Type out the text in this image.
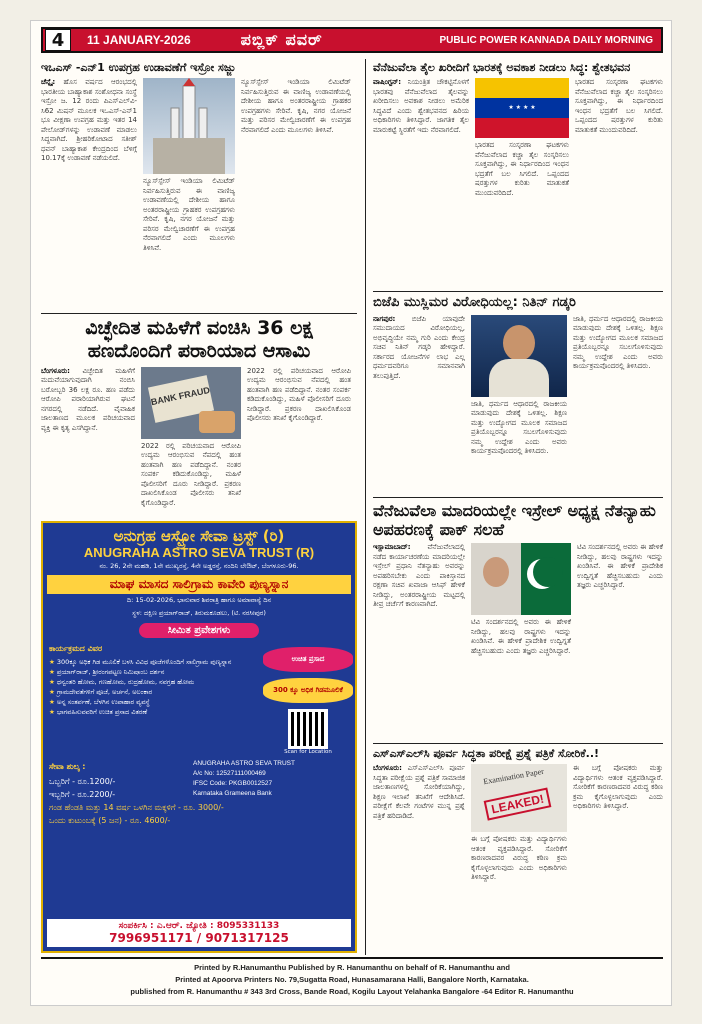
4	11 JANUARY-2026	ಪಬ್ಲಿಕ್ ಪವರ್	PUBLIC POWER KANNADA DAILY MORNING
ಇಒಎಸ್ -ಎನ್1 ಉಪಗ್ರಹ ಉಡಾವಣೆಗೆ ಇಸ್ರೋ ಸಜ್ಜು
ಚೆನ್ನೈ: ಹೊಸ ವರ್ಷದ ಆರಂಭದಲ್ಲಿ ಭಾರತೀಯ ಬಾಹ್ಯಾಕಾಶ ಸಂಶೋಧನಾ ಸಂಸ್ಥೆ ಇಸ್ರೋ ಜ. 12 ರಂದು ಪಿಎಸ್‌ಎಲ್‌ವಿ-ಸಿ62 ಮಿಷನ್ ಮೂಲಕ ಇಒಎಸ್-ಎನ್1 ಭೂ ವೀಕ್ಷಣಾ ಉಪಗ್ರಹ ಮತ್ತು ಇತರ 14 ಪೇಲೋಡ್‌ಗಳನ್ನು ಉಡಾವಣೆ ಮಾಡಲು ಸಿದ್ಧವಾಗಿದೆ. ಶ್ರೀಹರಿಕೋಟಾದ ಸತೀಶ್ ಧವನ್ ಬಾಹ್ಯಾಕಾಶ ಕೇಂದ್ರದಿಂದ ಬೆಳಿಗ್ಗೆ 10.17ಕ್ಕೆ ಉಡಾವಣೆ ನಡೆಯಲಿದೆ.
ನ್ಯೂಸ್‌ಸ್ಪೇಸ್ ಇಂಡಿಯಾ ಲಿಮಿಟೆಡ್ ನಿರ್ವಹಿಸುತ್ತಿರುವ ಈ ವಾಣಿಜ್ಯ ಉಡಾವಣೆಯಲ್ಲಿ ದೇಶೀಯ ಹಾಗೂ ಅಂತರರಾಷ್ಟ್ರೀಯ ಗ್ರಾಹಕರ ಉಪಗ್ರಹಗಳು ಸೇರಿವೆ. ಕೃಷಿ, ನಗರ ಯೋಜನೆ ಮತ್ತು ಪರಿಸರ ಮೇಲ್ವಿಚಾರಣೆಗೆ ಈ ಉಪಗ್ರಹ ನೆರವಾಗಲಿದೆ ಎಂದು ಮೂಲಗಳು ತಿಳಿಸಿವೆ.
ನ್ಯೂಸ್‌ಸ್ಪೇಸ್ ಇಂಡಿಯಾ ಲಿಮಿಟೆಡ್ ನಿರ್ವಹಿಸುತ್ತಿರುವ ಈ ವಾಣಿಜ್ಯ ಉಡಾವಣೆಯಲ್ಲಿ ದೇಶೀಯ ಹಾಗೂ ಅಂತರರಾಷ್ಟ್ರೀಯ ಗ್ರಾಹಕರ ಉಪಗ್ರಹಗಳು ಸೇರಿವೆ. ಕೃಷಿ, ನಗರ ಯೋಜನೆ ಮತ್ತು ಪರಿಸರ ಮೇಲ್ವಿಚಾರಣೆಗೆ ಈ ಉಪಗ್ರಹ ನೆರವಾಗಲಿದೆ ಎಂದು ಮೂಲಗಳು ತಿಳಿಸಿವೆ.
ವಿಚ್ಛೇದಿತ ಮಹಿಳೆಗೆ ವಂಚಿಸಿ 36 ಲಕ್ಷ ಹಣದೊಂದಿಗೆ ಪರಾರಿಯಾದ ಆಸಾಮಿ
ಬೆಂಗಳೂರು: ವಿಚ್ಛೇದಿತ ಮಹಿಳೆಗೆ ಮದುವೆಯಾಗುವುದಾಗಿ ನಂಬಿಸಿ ಬರೋಬ್ಬರಿ 36 ಲಕ್ಷ ರೂ. ಹಣ ಪಡೆದು ಆರೋಪಿ ಪರಾರಿಯಾಗಿರುವ ಘಟನೆ ನಗರದಲ್ಲಿ ನಡೆದಿದೆ. ವೈವಾಹಿಕ ಜಾಲತಾಣದ ಮೂಲಕ ಪರಿಚಯವಾದ ವ್ಯಕ್ತಿ ಈ ಕೃತ್ಯ ಎಸಗಿದ್ದಾನೆ.
BANK FRAUD
2022 ರಲ್ಲಿ ಪರಿಚಯವಾದ ಆರೋಪಿ ಉದ್ಯಮ ಆರಂಭಿಸುವ ನೆಪದಲ್ಲಿ ಹಂತ ಹಂತವಾಗಿ ಹಣ ಪಡೆದಿದ್ದಾನೆ. ನಂತರ ಸಂಪರ್ಕ ಕಡಿದುಕೊಂಡಿದ್ದು, ಮಹಿಳೆ ಪೊಲೀಸರಿಗೆ ದೂರು ನೀಡಿದ್ದಾರೆ. ಪ್ರಕರಣ ದಾಖಲಿಸಿಕೊಂಡ ಪೊಲೀಸರು ತನಿಖೆ ಕೈಗೊಂಡಿದ್ದಾರೆ.
2022 ರಲ್ಲಿ ಪರಿಚಯವಾದ ಆರೋಪಿ ಉದ್ಯಮ ಆರಂಭಿಸುವ ನೆಪದಲ್ಲಿ ಹಂತ ಹಂತವಾಗಿ ಹಣ ಪಡೆದಿದ್ದಾನೆ. ನಂತರ ಸಂಪರ್ಕ ಕಡಿದುಕೊಂಡಿದ್ದು, ಮಹಿಳೆ ಪೊಲೀಸರಿಗೆ ದೂರು ನೀಡಿದ್ದಾರೆ. ಪ್ರಕರಣ ದಾಖಲಿಸಿಕೊಂಡ ಪೊಲೀಸರು ತನಿಖೆ ಕೈಗೊಂಡಿದ್ದಾರೆ.
ಅನುಗ್ರಹ ಆಸ್ಟ್ರೋ ಸೇವಾ ಟ್ರಸ್ಟ್ (ರಿ)
ANUGRAHA ASTRO SEVA TRUST (R)
ನಂ. 26, 2ನೇ ಮಹಡಿ, 1ನೇ ಮುಖ್ಯರಸ್ತೆ, 4ನೇ ಅಡ್ಡರಸ್ತೆ, ನಂದಿನಿ ಲೇಔಟ್, ಬೆಂಗಳೂರು-96.
ಮಾಘ ಮಾಸದ ಸಾಲಿಗ್ರಾಮ ಕಾವೇರಿ ಪುಣ್ಯಸ್ನಾನ
ದಿ: 15-02-2026, ಭಾನುವಾರ ಶಿವರಾತ್ರಿ ಹಾಗೂ ಅಮಾವಾಸ್ಯೆ ದಿನ
ಸ್ಥಳ: ದಕ್ಷಿಣ ಪ್ರಯಾಗ್‌ರಾಜ್, ತಿರುಮಕೂಡಲು, (ಟಿ. ನರಸೀಪುರ)
ಸೀಮಿತ ಪ್ರವೇಶಗಳು
ಕಾರ್ಯಕ್ರಮದ ವಿವರ
★ 300ಕ್ಕೂ ಅಧಿಕ ಗಿಡ ಮೂಲಿಕೆ ಬಳಸಿ ವಿವಿಧ ಪೂಜೆಗಳೊಂದಿಗೆ ಸಾಲಿಗ್ರಾಮ ಪುಣ್ಯಸ್ನಾನ
★ ಪ್ರಯಾಗ್‌ರಾಜ್, ಶ್ರೀರಂಗಪಟ್ಟಣ ನಿಮಿಷಾಂಬ ದರ್ಶನ
★ ಧನ್ವಂತರಿ ಹೋಮ, ಗಣಹೋಮ, ರುದ್ರಹೋಮ, ನವಗ್ರಹ ಹೋಮ
★ ಗ್ರಾಮದೇವತೆಗಳಿಗೆ ಪೂಜೆ, ಅರ್ಚನೆ, ಅಲಂಕಾರ
★ ಅನ್ನ ಸಂತರ್ಪಣೆ, ಬೆಳಗಿನ ಉಪಾಹಾರ ವ್ಯವಸ್ಥೆ
★ ಭಾಗವಹಿಸುವವರಿಗೆ ಉಚಿತ ಪ್ರಸಾದ ವಿತರಣೆ
ಉಚಿತ ಪ್ರಸಾದ
300 ಕ್ಕೂ ಅಧಿಕ ಗಿಡಮೂಲಿಕೆ
Scan for Location
ಸೇವಾ ಶುಲ್ಕ :
ಒಬ್ಬರಿಗೆ - ರೂ.1200/-
ಇಬ್ಬರಿಗೆ - ರೂ.2200/-
ANUGRAHA ASTRO SEVA TRUST
A/c No: 12527111000469
IFSC Code: PKGB0012527
Karnataka Grameena Bank
ಗಂಡ ಹೆಂಡತಿ ಮತ್ತು 14 ವರ್ಷ ಒಳಗಿನ ಮಕ್ಕಳಿಗೆ - ರೂ. 3000/-
ಒಂದು ಕುಟುಂಬಕ್ಕೆ (5 ಜನ) - ರೂ. 4600/-
ಸಂಪರ್ಕಿಸಿ : ಎ.ಆರ್. ಜ್ಯೋತಿ : 8095331133
7996951171 / 9071317125
ವೆನೆಜುವೆಲಾ ತೈಲ ಖರೀದಿಗೆ ಭಾರತಕ್ಕೆ ಅವಕಾಶ ನೀಡಲು ಸಿದ್ಧ: ಶ್ವೇತಭವನ
ವಾಷಿಂಗ್ಟನ್: ನಿಯಂತ್ರಿತ ಚೌಕಟ್ಟಿನೊಳಗೆ ಭಾರತವು ವೆನೆಜುವೆಲಾದ ತೈಲವನ್ನು ಖರೀದಿಸಲು ಅವಕಾಶ ನೀಡಲು ಅಮೆರಿಕ ಸಿದ್ಧವಿದೆ ಎಂದು ಶ್ವೇತಭವನದ ಹಿರಿಯ ಅಧಿಕಾರಿಗಳು ತಿಳಿಸಿದ್ದಾರೆ. ಜಾಗತಿಕ ತೈಲ ಮಾರುಕಟ್ಟೆ ಸ್ಥಿರತೆಗೆ ಇದು ನೆರವಾಗಲಿದೆ.
★ ★ ★ ★
ಭಾರತದ ಸಂಸ್ಕರಣಾ ಘಟಕಗಳು ವೆನೆಜುವೆಲಾದ ಕಚ್ಚಾ ತೈಲ ಸಂಸ್ಕರಿಸಲು ಸೂಕ್ತವಾಗಿದ್ದು, ಈ ನಿರ್ಧಾರದಿಂದ ಇಂಧನ ಭದ್ರತೆಗೆ ಬಲ ಸಿಗಲಿದೆ. ಒಪ್ಪಂದದ ಷರತ್ತುಗಳ ಕುರಿತು ಮಾತುಕತೆ ಮುಂದುವರಿದಿದೆ.
ಭಾರತದ ಸಂಸ್ಕರಣಾ ಘಟಕಗಳು ವೆನೆಜುವೆಲಾದ ಕಚ್ಚಾ ತೈಲ ಸಂಸ್ಕರಿಸಲು ಸೂಕ್ತವಾಗಿದ್ದು, ಈ ನಿರ್ಧಾರದಿಂದ ಇಂಧನ ಭದ್ರತೆಗೆ ಬಲ ಸಿಗಲಿದೆ. ಒಪ್ಪಂದದ ಷರತ್ತುಗಳ ಕುರಿತು ಮಾತುಕತೆ ಮುಂದುವರಿದಿದೆ.
ಬಿಜೆಪಿ ಮುಸ್ಲಿಮರ ವಿರೋಧಿಯಲ್ಲ: ನಿತಿನ್ ಗಡ್ಕರಿ
ನಾಗಪುರ: ಬಿಜೆಪಿ ಯಾವುದೇ ಸಮುದಾಯದ ವಿರೋಧಿಯಲ್ಲ, ಅಭಿವೃದ್ಧಿಯೇ ನಮ್ಮ ಗುರಿ ಎಂದು ಕೇಂದ್ರ ಸಚಿವ ನಿತಿನ್ ಗಡ್ಕರಿ ಹೇಳಿದ್ದಾರೆ. ಸರ್ಕಾರದ ಯೋಜನೆಗಳ ಲಾಭ ಎಲ್ಲ ಧರ್ಮದವರಿಗೂ ಸಮಾನವಾಗಿ ತಲುಪುತ್ತಿದೆ.
ಜಾತಿ, ಧರ್ಮದ ಆಧಾರದಲ್ಲಿ ರಾಜಕೀಯ ಮಾಡುವುದು ದೇಶಕ್ಕೆ ಒಳಿತಲ್ಲ. ಶಿಕ್ಷಣ ಮತ್ತು ಉದ್ಯೋಗದ ಮೂಲಕ ಸಮಾಜದ ಪ್ರತಿಯೊಬ್ಬರನ್ನೂ ಸಬಲಗೊಳಿಸುವುದು ನಮ್ಮ ಉದ್ದೇಶ ಎಂದು ಅವರು ಕಾರ್ಯಕ್ರಮವೊಂದರಲ್ಲಿ ತಿಳಿಸಿದರು.
ಜಾತಿ, ಧರ್ಮದ ಆಧಾರದಲ್ಲಿ ರಾಜಕೀಯ ಮಾಡುವುದು ದೇಶಕ್ಕೆ ಒಳಿತಲ್ಲ. ಶಿಕ್ಷಣ ಮತ್ತು ಉದ್ಯೋಗದ ಮೂಲಕ ಸಮಾಜದ ಪ್ರತಿಯೊಬ್ಬರನ್ನೂ ಸಬಲಗೊಳಿಸುವುದು ನಮ್ಮ ಉದ್ದೇಶ ಎಂದು ಅವರು ಕಾರ್ಯಕ್ರಮವೊಂದರಲ್ಲಿ ತಿಳಿಸಿದರು.
ವೆನೆಜುವೆಲಾ ಮಾದರಿಯಲ್ಲೇ ಇಸ್ರೇಲ್ ಅಧ್ಯಕ್ಷ ನೆತನ್ಯಾಹು ಅಪಹರಣಕ್ಕೆ ಪಾಕ್ ಸಲಹೆ
ಇಸ್ಲಾಮಾಬಾದ್: ವೆನೆಜುವೆಲಾದಲ್ಲಿ ನಡೆದ ಕಾರ್ಯಾಚರಣೆಯ ಮಾದರಿಯಲ್ಲೇ ಇಸ್ರೇಲ್ ಪ್ರಧಾನಿ ನೆತನ್ಯಾಹು ಅವರನ್ನು ಅಪಹರಿಸಬೇಕು ಎಂದು ಪಾಕಿಸ್ತಾನದ ರಕ್ಷಣಾ ಸಚಿವ ಖವಾಜಾ ಆಸಿಫ್ ಹೇಳಿಕೆ ನೀಡಿದ್ದು, ಅಂತರರಾಷ್ಟ್ರೀಯ ಮಟ್ಟದಲ್ಲಿ ತೀವ್ರ ಚರ್ಚೆಗೆ ಕಾರಣವಾಗಿದೆ.
ಟಿವಿ ಸಂದರ್ಶನದಲ್ಲಿ ಅವರು ಈ ಹೇಳಿಕೆ ನೀಡಿದ್ದು, ಹಲವು ರಾಷ್ಟ್ರಗಳು ಇದನ್ನು ಖಂಡಿಸಿವೆ. ಈ ಹೇಳಿಕೆ ಪ್ರಾದೇಶಿಕ ಉದ್ವಿಗ್ನತೆ ಹೆಚ್ಚಿಸಬಹುದು ಎಂದು ತಜ್ಞರು ಎಚ್ಚರಿಸಿದ್ದಾರೆ.
ಟಿವಿ ಸಂದರ್ಶನದಲ್ಲಿ ಅವರು ಈ ಹೇಳಿಕೆ ನೀಡಿದ್ದು, ಹಲವು ರಾಷ್ಟ್ರಗಳು ಇದನ್ನು ಖಂಡಿಸಿವೆ. ಈ ಹೇಳಿಕೆ ಪ್ರಾದೇಶಿಕ ಉದ್ವಿಗ್ನತೆ ಹೆಚ್ಚಿಸಬಹುದು ಎಂದು ತಜ್ಞರು ಎಚ್ಚರಿಸಿದ್ದಾರೆ.
ಎಸ್‌ಎಸ್‌ಎಲ್‌ಸಿ ಪೂರ್ವ ಸಿದ್ಧತಾ ಪರೀಕ್ಷೆ ಪ್ರಶ್ನೆ ಪತ್ರಿಕೆ ಸೋರಿಕೆ..!
ಬೆಂಗಳೂರು: ಎಸ್‌ಎಸ್‌ಎಲ್‌ಸಿ ಪೂರ್ವ ಸಿದ್ಧತಾ ಪರೀಕ್ಷೆಯ ಪ್ರಶ್ನೆ ಪತ್ರಿಕೆ ಸಾಮಾಜಿಕ ಜಾಲತಾಣಗಳಲ್ಲಿ ಸೋರಿಕೆಯಾಗಿದ್ದು, ಶಿಕ್ಷಣ ಇಲಾಖೆ ತನಿಖೆಗೆ ಆದೇಶಿಸಿದೆ. ಪರೀಕ್ಷೆಗೆ ಕೆಲವೇ ಗಂಟೆಗಳ ಮುನ್ನ ಪ್ರಶ್ನೆ ಪತ್ರಿಕೆ ಹರಿದಾಡಿದೆ.
Examination Paper
LEAKED!
ಈ ಬಗ್ಗೆ ಪೋಷಕರು ಮತ್ತು ವಿದ್ಯಾರ್ಥಿಗಳು ಆತಂಕ ವ್ಯಕ್ತಪಡಿಸಿದ್ದಾರೆ. ಸೋರಿಕೆಗೆ ಕಾರಣರಾದವರ ವಿರುದ್ಧ ಕಠಿಣ ಕ್ರಮ ಕೈಗೊಳ್ಳಲಾಗುವುದು ಎಂದು ಅಧಿಕಾರಿಗಳು ತಿಳಿಸಿದ್ದಾರೆ.
ಈ ಬಗ್ಗೆ ಪೋಷಕರು ಮತ್ತು ವಿದ್ಯಾರ್ಥಿಗಳು ಆತಂಕ ವ್ಯಕ್ತಪಡಿಸಿದ್ದಾರೆ. ಸೋರಿಕೆಗೆ ಕಾರಣರಾದವರ ವಿರುದ್ಧ ಕಠಿಣ ಕ್ರಮ ಕೈಗೊಳ್ಳಲಾಗುವುದು ಎಂದು ಅಧಿಕಾರಿಗಳು ತಿಳಿಸಿದ್ದಾರೆ.
Printed by R.Hanumanthu Published by R. Hanumanthu on behalf of R. Hanumanthu and
Printed at Apoorva Printers No. 79,Sugatta Road, Hunasamarana Halli, Bangalore North, Karnataka.
published from R. Hanumanthu # 343 3rd Cross, Bande Road, Kogilu Layout Yelahanka Bangalore -64 Editor R. Hanumanthu
